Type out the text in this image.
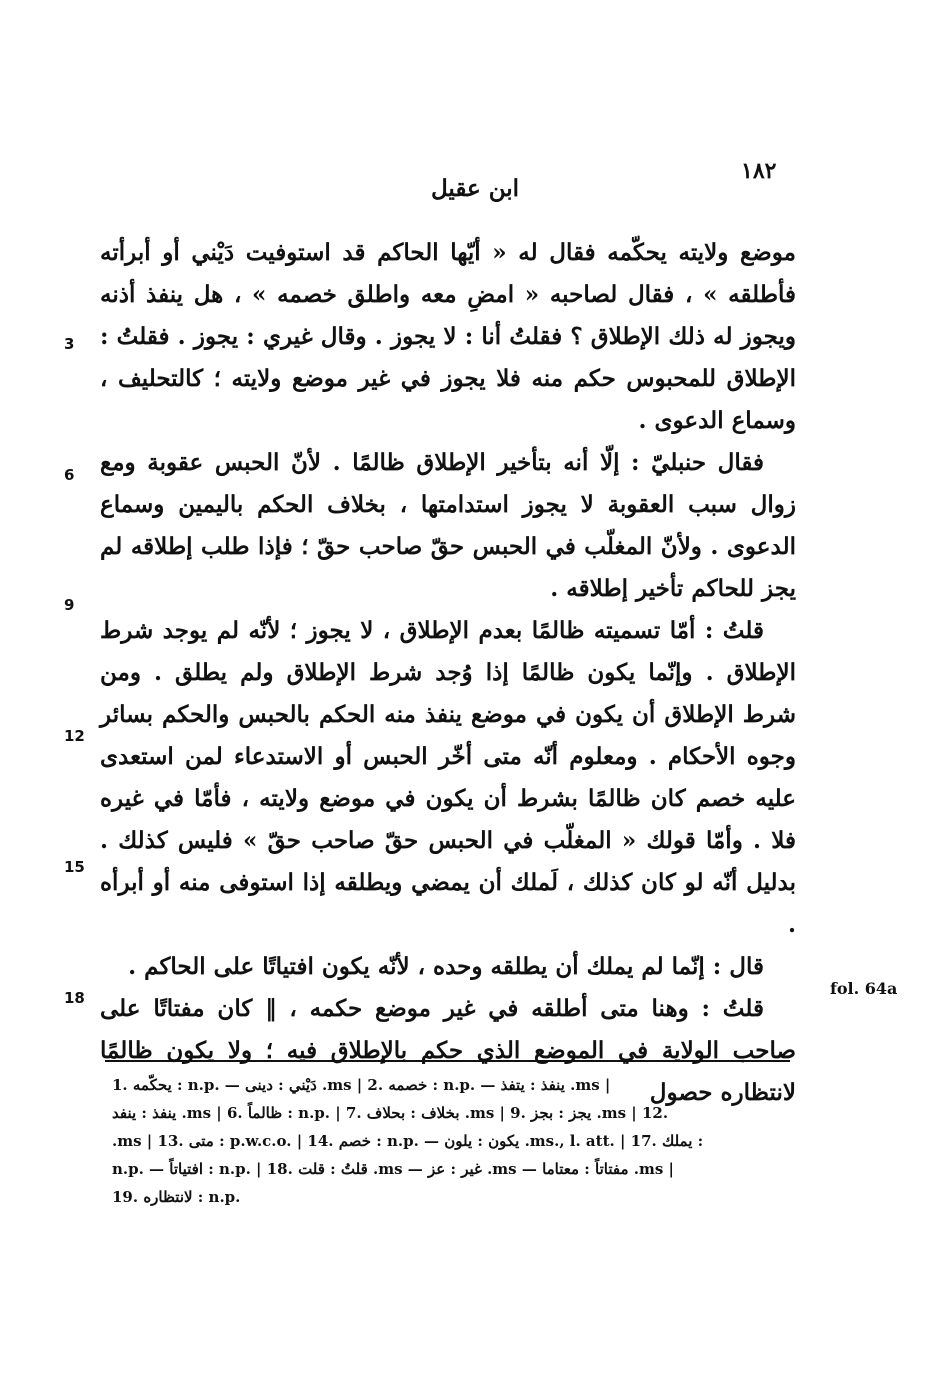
١٨٢
ابن عقيل

موضع ولايته يحكّمه فقال له « أيّها الحاكم قد استوفيت دَيْني أو أبرأته فأطلقه » ، فقال لصاحبه « امضِ معه واطلق خصمه » ، هل ينفذ أذنه ويجوز له ذلك الإطلاق ؟ فقلتُ أنا : لا يجوز . وقال غيري : يجوز . فقلتُ : الإطلاق للمحبوس حكم منه فلا يجوز في غير موضع ولايته ؛ كالتحليف ، وسماع الدعوى .

فقال حنبليّ : إلّا أنه بتأخير الإطلاق ظالمًا . لأنّ الحبس عقوبة ومع زوال سبب العقوبة لا يجوز استدامتها ، بخلاف الحكم باليمين وسماع الدعوى . ولأنّ المغلّب في الحبس حقّ صاحب حقّ ؛ فإذا طلب إطلاقه لم يجز للحاكم تأخير إطلاقه .

قلتُ : أمّا تسميته ظالمًا بعدم الإطلاق ، لا يجوز ؛ لأنّه لم يوجد شرط الإطلاق . وإنّما يكون ظالمًا إذا وُجد شرط الإطلاق ولم يطلق . ومن شرط الإطلاق أن يكون في موضع ينفذ منه الحكم بالحبس والحكم بسائر وجوه الأحكام . ومعلوم أنّه متى أخّر الحبس أو الاستدعاء لمن استعدى عليه خصم كان ظالمًا بشرط أن يكون في موضع ولايته ، فأمّا في غيره فلا . وأمّا قولك « المغلّب في الحبس حقّ صاحب حقّ » فليس كذلك . بدليل أنّه لو كان كذلك ، لَملك أن يمضي ويطلقه إذا استوفى منه أو أبرأه .

قال : إنّما لم يملك أن يطلقه وحده ، لأنّه يكون افتياتًا على الحاكم .

قلتُ : وهنا متى أطلقه في غير موضع حكمه ، ‖ كان مفتاتًا على صاحب الولاية في الموضع الذي حكم بالإطلاق فيه ؛ ولا يكون ظالمًا لانتظاره حصول

3
6
9
12
15
18	fol. 64a
1. يحكّمه : n.p. — دَيْني : دينى .ms | 2. خصمه : n.p. — ينفذ : يتفذ .ms |
ينفذ : ينفد .ms | 6. ظالماً : n.p. | 7. بخلاف : بحلاف .ms | 9. يجز : بجز .ms | 12.
.ms | 13. متى : p.w.c.o. | 14. خصم : n.p. — يكون : يلون .ms., l. att. | 17. يملك :
n.p. — افتياتاً : n.p. | 18. قلتُ : قلت .ms — غير : عز .ms — مفتاتاً : معتاما .ms |
19. لانتظاره : n.p.
